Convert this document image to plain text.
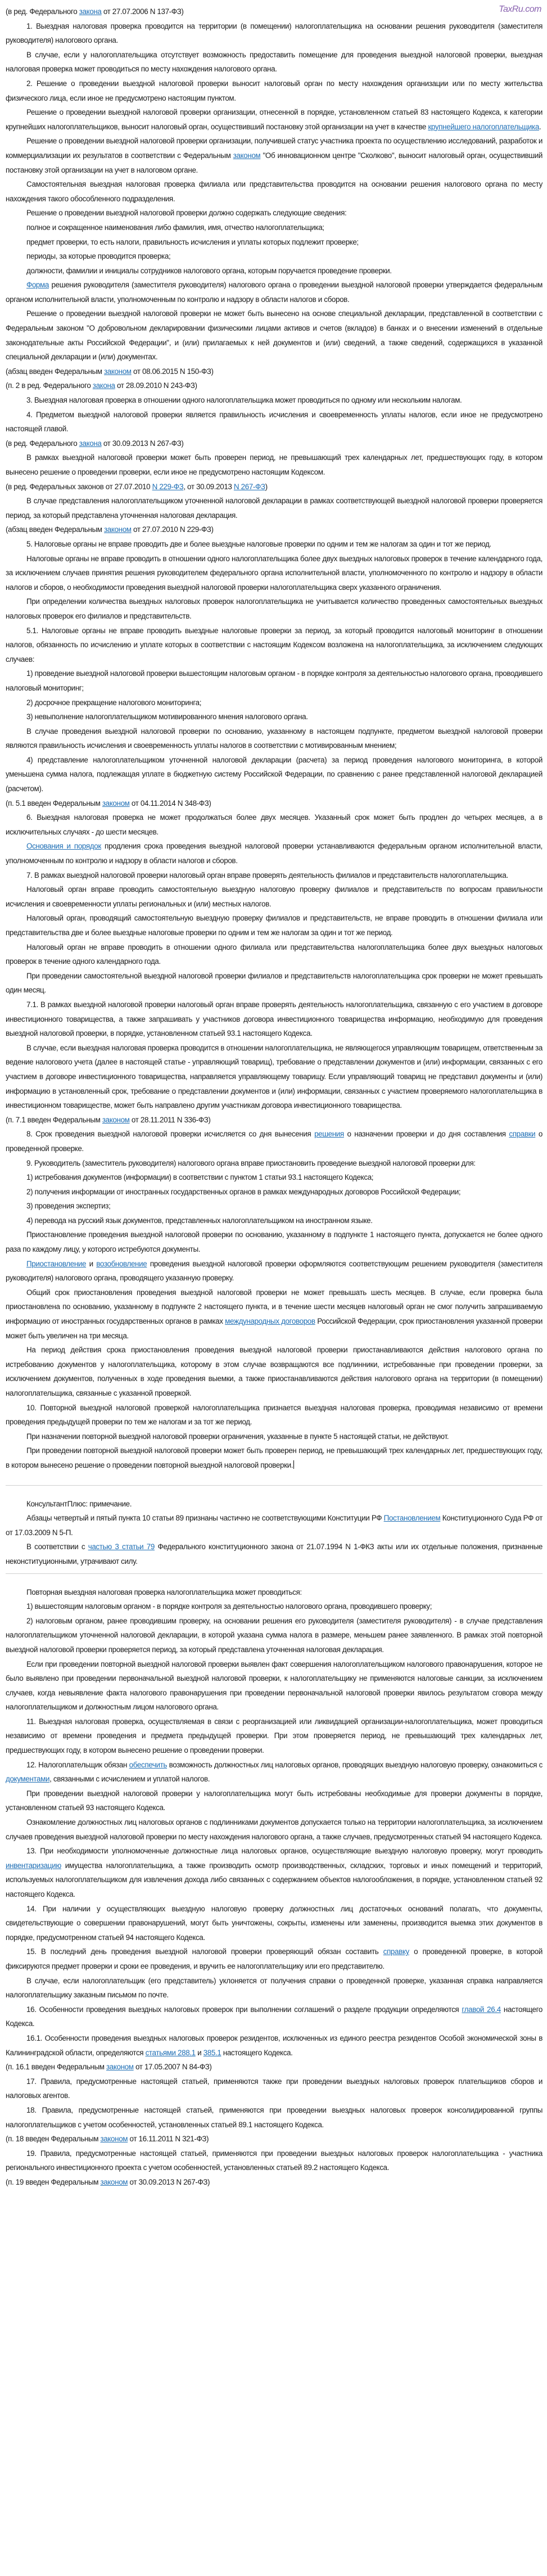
TaxRu.com

(в ред. Федерального закона от 27.07.2006 N 137-ФЗ)

1. Выездная налоговая проверка проводится на территории (в помещении) налогоплательщика на основании решения руководителя (заместителя руководителя) налогового органа.

В случае, если у налогоплательщика отсутствует возможность предоставить помещение для проведения выездной налоговой проверки, выездная налоговая проверка может проводиться по месту нахождения налогового органа.

2. Решение о проведении выездной налоговой проверки выносит налоговый орган по месту нахождения организации или по месту жительства физического лица, если иное не предусмотрено настоящим пунктом.

Решение о проведении выездной налоговой проверки организации, отнесенной в порядке, установленном статьей 83 настоящего Кодекса, к категории крупнейших налогоплательщиков, выносит налоговый орган, осуществивший постановку этой организации на учет в качестве крупнейшего налогоплательщика.

Решение о проведении выездной налоговой проверки организации, получившей статус участника проекта по осуществлению исследований, разработок и коммерциализации их результатов в соответствии с Федеральным законом "Об инновационном центре "Сколково", выносит налоговый орган, осуществивший постановку этой организации на учет в налоговом органе.

Самостоятельная выездная налоговая проверка филиала или представительства проводится на основании решения налогового органа по месту нахождения такого обособленного подразделения.

Решение о проведении выездной налоговой проверки должно содержать следующие сведения:

полное и сокращенное наименования либо фамилия, имя, отчество налогоплательщика;

предмет проверки, то есть налоги, правильность исчисления и уплаты которых подлежит проверке;

периоды, за которые проводится проверка;

должности, фамилии и инициалы сотрудников налогового органа, которым поручается проведение проверки.

Форма решения руководителя (заместителя руководителя) налогового органа о проведении выездной налоговой проверки утверждается федеральным органом исполнительной власти, уполномоченным по контролю и надзору в области налогов и сборов.

Решение о проведении выездной налоговой проверки не может быть вынесено на основе специальной декларации, представленной в соответствии с Федеральным законом "О добровольном декларировании физическими лицами активов и счетов (вкладов) в банках и о внесении изменений в отдельные законодательные акты Российской Федерации", и (или) прилагаемых к ней документов и (или) сведений, а также сведений, содержащихся в указанной специальной декларации и (или) документах.

(абзац введен Федеральным законом от 08.06.2015 N 150-ФЗ)

(п. 2 в ред. Федерального закона от 28.09.2010 N 243-ФЗ)

3. Выездная налоговая проверка в отношении одного налогоплательщика может проводиться по одному или нескольким налогам.

4. Предметом выездной налоговой проверки является правильность исчисления и своевременность уплаты налогов, если иное не предусмотрено настоящей главой.

(в ред. Федерального закона от 30.09.2013 N 267-ФЗ)

В рамках выездной налоговой проверки может быть проверен период, не превышающий трех календарных лет, предшествующих году, в котором вынесено решение о проведении проверки, если иное не предусмотрено настоящим Кодексом.

(в ред. Федеральных законов от 27.07.2010 N 229-ФЗ, от 30.09.2013 N 267-ФЗ)

В случае представления налогоплательщиком уточненной налоговой декларации в рамках соответствующей выездной налоговой проверки проверяется период, за который представлена уточненная налоговая декларация.

(абзац введен Федеральным законом от 27.07.2010 N 229-ФЗ)

5. Налоговые органы не вправе проводить две и более выездные налоговые проверки по одним и тем же налогам за один и тот же период.

Налоговые органы не вправе проводить в отношении одного налогоплательщика более двух выездных налоговых проверок в течение календарного года, за исключением случаев принятия решения руководителем федерального органа исполнительной власти, уполномоченного по контролю и надзору в области налогов и сборов, о необходимости проведения выездной налоговой проверки налогоплательщика сверх указанного ограничения.

При определении количества выездных налоговых проверок налогоплательщика не учитывается количество проведенных самостоятельных выездных налоговых проверок его филиалов и представительств.

5.1. Налоговые органы не вправе проводить выездные налоговые проверки за период, за который проводится налоговый мониторинг в отношении налогов, обязанность по исчислению и уплате которых в соответствии с настоящим Кодексом возложена на налогоплательщика, за исключением следующих случаев:

1) проведение выездной налоговой проверки вышестоящим налоговым органом - в порядке контроля за деятельностью налогового органа, проводившего налоговый мониторинг;

2) досрочное прекращение налогового мониторинга;

3) невыполнение налогоплательщиком мотивированного мнения налогового органа.

В случае проведения выездной налоговой проверки по основанию, указанному в настоящем подпункте, предметом выездной налоговой проверки являются правильность исчисления и своевременность уплаты налогов в соответствии с мотивированным мнением;

4) представление налогоплательщиком уточненной налоговой декларации (расчета) за период проведения налогового мониторинга, в которой уменьшена сумма налога, подлежащая уплате в бюджетную систему Российской Федерации, по сравнению с ранее представленной налоговой декларацией (расчетом).

(п. 5.1 введен Федеральным законом от 04.11.2014 N 348-ФЗ)

6. Выездная налоговая проверка не может продолжаться более двух месяцев. Указанный срок может быть продлен до четырех месяцев, а в исключительных случаях - до шести месяцев.

Основания и порядок продления срока проведения выездной налоговой проверки устанавливаются федеральным органом исполнительной власти, уполномоченным по контролю и надзору в области налогов и сборов.

7. В рамках выездной налоговой проверки налоговый орган вправе проверять деятельность филиалов и представительств налогоплательщика.

Налоговый орган вправе проводить самостоятельную выездную налоговую проверку филиалов и представительств по вопросам правильности исчисления и своевременности уплаты региональных и (или) местных налогов.

Налоговый орган, проводящий самостоятельную выездную проверку филиалов и представительств, не вправе проводить в отношении филиала или представительства две и более выездные налоговые проверки по одним и тем же налогам за один и тот же период.

Налоговый орган не вправе проводить в отношении одного филиала или представительства налогоплательщика более двух выездных налоговых проверок в течение одного календарного года.

При проведении самостоятельной выездной налоговой проверки филиалов и представительств налогоплательщика срок проверки не может превышать один месяц.

7.1. В рамках выездной налоговой проверки налоговый орган вправе проверять деятельность налогоплательщика, связанную с его участием в договоре инвестиционного товарищества, а также запрашивать у участников договора инвестиционного товарищества информацию, необходимую для проведения выездной налоговой проверки, в порядке, установленном статьей 93.1 настоящего Кодекса.

В случае, если выездная налоговая проверка проводится в отношении налогоплательщика, не являющегося управляющим товарищем, ответственным за ведение налогового учета (далее в настоящей статье - управляющий товарищ), требование о представлении документов и (или) информации, связанных с его участием в договоре инвестиционного товарищества, направляется управляющему товарищу. Если управляющий товарищ не представил документы и (или) информацию в установленный срок, требование о представлении документов и (или) информации, связанных с участием проверяемого налогоплательщика в инвестиционном товариществе, может быть направлено другим участникам договора инвестиционного товарищества.

(п. 7.1 введен Федеральным законом от 28.11.2011 N 336-ФЗ)

8. Срок проведения выездной налоговой проверки исчисляется со дня вынесения решения о назначении проверки и до дня составления справки о проведенной проверке.

9. Руководитель (заместитель руководителя) налогового органа вправе приостановить проведение выездной налоговой проверки для:

1) истребования документов (информации) в соответствии с пунктом 1 статьи 93.1 настоящего Кодекса;

2) получения информации от иностранных государственных органов в рамках международных договоров Российской Федерации;

3) проведения экспертиз;

4) перевода на русский язык документов, представленных налогоплательщиком на иностранном языке.

Приостановление проведения выездной налоговой проверки по основанию, указанному в подпункте 1 настоящего пункта, допускается не более одного раза по каждому лицу, у которого истребуются документы.

Приостановление и возобновление проведения выездной налоговой проверки оформляются соответствующим решением руководителя (заместителя руководителя) налогового органа, проводящего указанную проверку.

Общий срок приостановления проведения выездной налоговой проверки не может превышать шесть месяцев. В случае, если проверка была приостановлена по основанию, указанному в подпункте 2 настоящего пункта, и в течение шести месяцев налоговый орган не смог получить запрашиваемую информацию от иностранных государственных органов в рамках международных договоров Российской Федерации, срок приостановления указанной проверки может быть увеличен на три месяца.

На период действия срока приостановления проведения выездной налоговой проверки приостанавливаются действия налогового органа по истребованию документов у налогоплательщика, которому в этом случае возвращаются все подлинники, истребованные при проведении проверки, за исключением документов, полученных в ходе проведения выемки, а также приостанавливаются действия налогового органа на территории (в помещении) налогоплательщика, связанные с указанной проверкой.

10. Повторной выездной налоговой проверкой налогоплательщика признается выездная налоговая проверка, проводимая независимо от времени проведения предыдущей проверки по тем же налогам и за тот же период.

При назначении повторной выездной налоговой проверки ограничения, указанные в пункте 5 настоящей статьи, не действуют.

При проведении повторной выездной налоговой проверки может быть проверен период, не превышающий трех календарных лет, предшествующих году, в котором вынесено решение о проведении повторной выездной налоговой проверки.

КонсультантПлюс: примечание.

Абзацы четвертый и пятый пункта 10 статьи 89 признаны частично не соответствующими Конституции РФ Постановлением Конституционного Суда РФ от от 17.03.2009 N 5-П.

В соответствии с частью 3 статьи 79 Федерального конституционного закона от 21.07.1994 N 1-ФКЗ акты или их отдельные положения, признанные неконституционными, утрачивают силу.

Повторная выездная налоговая проверка налогоплательщика может проводиться:

1) вышестоящим налоговым органом - в порядке контроля за деятельностью налогового органа, проводившего проверку;

2) налоговым органом, ранее проводившим проверку, на основании решения его руководителя (заместителя руководителя) - в случае представления налогоплательщиком уточненной налоговой декларации, в которой указана сумма налога в размере, меньшем ранее заявленного. В рамках этой повторной выездной налоговой проверки проверяется период, за который представлена уточненная налоговая декларация.

Если при проведении повторной выездной налоговой проверки выявлен факт совершения налогоплательщиком налогового правонарушения, которое не было выявлено при проведении первоначальной выездной налоговой проверки, к налогоплательщику не применяются налоговые санкции, за исключением случаев, когда невыявление факта налогового правонарушения при проведении первоначальной налоговой проверки явилось результатом сговора между налогоплательщиком и должностным лицом налогового органа.

11. Выездная налоговая проверка, осуществляемая в связи с реорганизацией или ликвидацией организации-налогоплательщика, может проводиться независимо от времени проведения и предмета предыдущей проверки. При этом проверяется период, не превышающий трех календарных лет, предшествующих году, в котором вынесено решение о проведении проверки.

12. Налогоплательщик обязан обеспечить возможность должностных лиц налоговых органов, проводящих выездную налоговую проверку, ознакомиться с документами, связанными с исчислением и уплатой налогов.

При проведении выездной налоговой проверки у налогоплательщика могут быть истребованы необходимые для проверки документы в порядке, установленном статьей 93 настоящего Кодекса.

Ознакомление должностных лиц налоговых органов с подлинниками документов допускается только на территории налогоплательщика, за исключением случаев проведения выездной налоговой проверки по месту нахождения налогового органа, а также случаев, предусмотренных статьей 94 настоящего Кодекса.

13. При необходимости уполномоченные должностные лица налоговых органов, осуществляющие выездную налоговую проверку, могут проводить инвентаризацию имущества налогоплательщика, а также производить осмотр производственных, складских, торговых и иных помещений и территорий, используемых налогоплательщиком для извлечения дохода либо связанных с содержанием объектов налогообложения, в порядке, установленном статьей 92 настоящего Кодекса.

14. При наличии у осуществляющих выездную налоговую проверку должностных лиц достаточных оснований полагать, что документы, свидетельствующие о совершении правонарушений, могут быть уничтожены, сокрыты, изменены или заменены, производится выемка этих документов в порядке, предусмотренном статьей 94 настоящего Кодекса.

15. В последний день проведения выездной налоговой проверки проверяющий обязан составить справку о проведенной проверке, в которой фиксируются предмет проверки и сроки ее проведения, и вручить ее налогоплательщику или его представителю.

В случае, если налогоплательщик (его представитель) уклоняется от получения справки о проведенной проверке, указанная справка направляется налогоплательщику заказным письмом по почте.

16. Особенности проведения выездных налоговых проверок при выполнении соглашений о разделе продукции определяются главой 26.4 настоящего Кодекса.

16.1. Особенности проведения выездных налоговых проверок резидентов, исключенных из единого реестра резидентов Особой экономической зоны в Калининградской области, определяются статьями 288.1 и 385.1 настоящего Кодекса.

(п. 16.1 введен Федеральным законом от 17.05.2007 N 84-ФЗ)

17. Правила, предусмотренные настоящей статьей, применяются также при проведении выездных налоговых проверок плательщиков сборов и налоговых агентов.

18. Правила, предусмотренные настоящей статьей, применяются при проведении выездных налоговых проверок консолидированной группы налогоплательщиков с учетом особенностей, установленных статьей 89.1 настоящего Кодекса.

(п. 18 введен Федеральным законом от 16.11.2011 N 321-ФЗ)

19. Правила, предусмотренные настоящей статьей, применяются при проведении выездных налоговых проверок налогоплательщика - участника регионального инвестиционного проекта с учетом особенностей, установленных статьей 89.2 настоящего Кодекса.

(п. 19 введен Федеральным законом от 30.09.2013 N 267-ФЗ)
